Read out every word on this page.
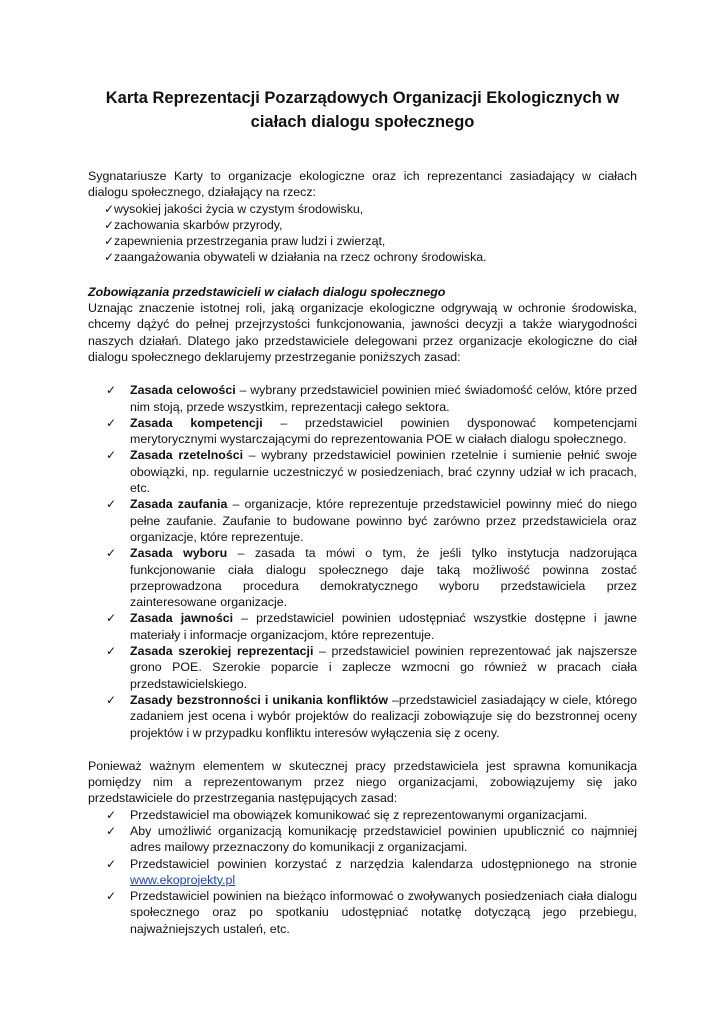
Karta Reprezentacji Pozarządowych Organizacji Ekologicznych w
ciałach dialogu społecznego

Sygnatariusze Karty to organizacje ekologiczne oraz ich reprezentanci zasiadający w ciałach dialogu społecznego, działający na rzecz:

✓ wysokiej jakości życia w czystym środowisku,
✓ zachowania skarbów przyrody,
✓ zapewnienia przestrzegania praw ludzi i zwierząt,
✓ zaangażowania obywateli w działania na rzecz ochrony środowiska.

Zobowiązania przedstawicieli w ciałach dialogu społecznego

Uznając znaczenie istotnej roli, jaką organizacje ekologiczne odgrywają w ochronie środowiska, chcemy dążyć do pełnej przejrzystości funkcjonowania, jawności decyzji a także wiarygodności naszych działań. Dlatego jako przedstawiciele delegowani przez organizacje ekologiczne do ciał dialogu społecznego deklarujemy przestrzeganie poniższych zasad:

✓	Zasada celowości – wybrany przedstawiciel powinien mieć świadomość celów, które przed nim stoją, przede wszystkim, reprezentacji całego sektora.
✓	Zasada kompetencji – przedstawiciel powinien dysponować kompetencjami merytorycznymi wystarczającymi do reprezentowania POE w ciałach dialogu społecznego.
✓	Zasada rzetelności – wybrany przedstawiciel powinien rzetelnie i sumienie pełnić swoje obowiązki, np. regularnie uczestniczyć w posiedzeniach, brać czynny udział w ich pracach, etc.
✓	Zasada zaufania – organizacje, które reprezentuje przedstawiciel powinny mieć do niego pełne zaufanie. Zaufanie to budowane powinno być zarówno przez przedstawiciela oraz organizacje, które reprezentuje.
✓	Zasada wyboru – zasada ta mówi o tym, że jeśli tylko instytucja nadzorująca funkcjonowanie ciała dialogu społecznego daje taką możliwość powinna zostać przeprowadzona procedura demokratycznego wyboru przedstawiciela przez zainteresowane organizacje.
✓	Zasada jawności – przedstawiciel powinien udostępniać wszystkie dostępne i jawne materiały i informacje organizacjom, które reprezentuje.
✓	Zasada szerokiej reprezentacji – przedstawiciel powinien reprezentować jak najszersze grono POE. Szerokie poparcie i zaplecze wzmocni go również w pracach ciała przedstawicielskiego.
✓	Zasady bezstronności i unikania konfliktów –przedstawiciel zasiadający w ciele, którego zadaniem jest ocena i wybór projektów do realizacji zobowiązuje się do bezstronnej oceny projektów i w przypadku konfliktu interesów wyłączenia się z oceny.

Ponieważ ważnym elementem w skutecznej pracy przedstawiciela jest sprawna komunikacja pomiędzy nim a reprezentowanym przez niego organizacjami, zobowiązujemy się jako przedstawiciele do przestrzegania następujących zasad:

✓	Przedstawiciel ma obowiązek komunikować się z reprezentowanymi organizacjami.
✓	Aby umożliwić organizacją komunikację przedstawiciel powinien upublicznić co najmniej adres mailowy przeznaczony do komunikacji z organizacjami.
✓	Przedstawiciel powinien korzystać z narzędzia kalendarza udostępnionego na stronie www.ekoprojekty.pl
✓	Przedstawiciel powinien na bieżąco informować o zwoływanych posiedzeniach ciała dialogu społecznego oraz po spotkaniu udostępniać notatkę dotyczącą jego przebiegu, najważniejszych ustaleń, etc.
